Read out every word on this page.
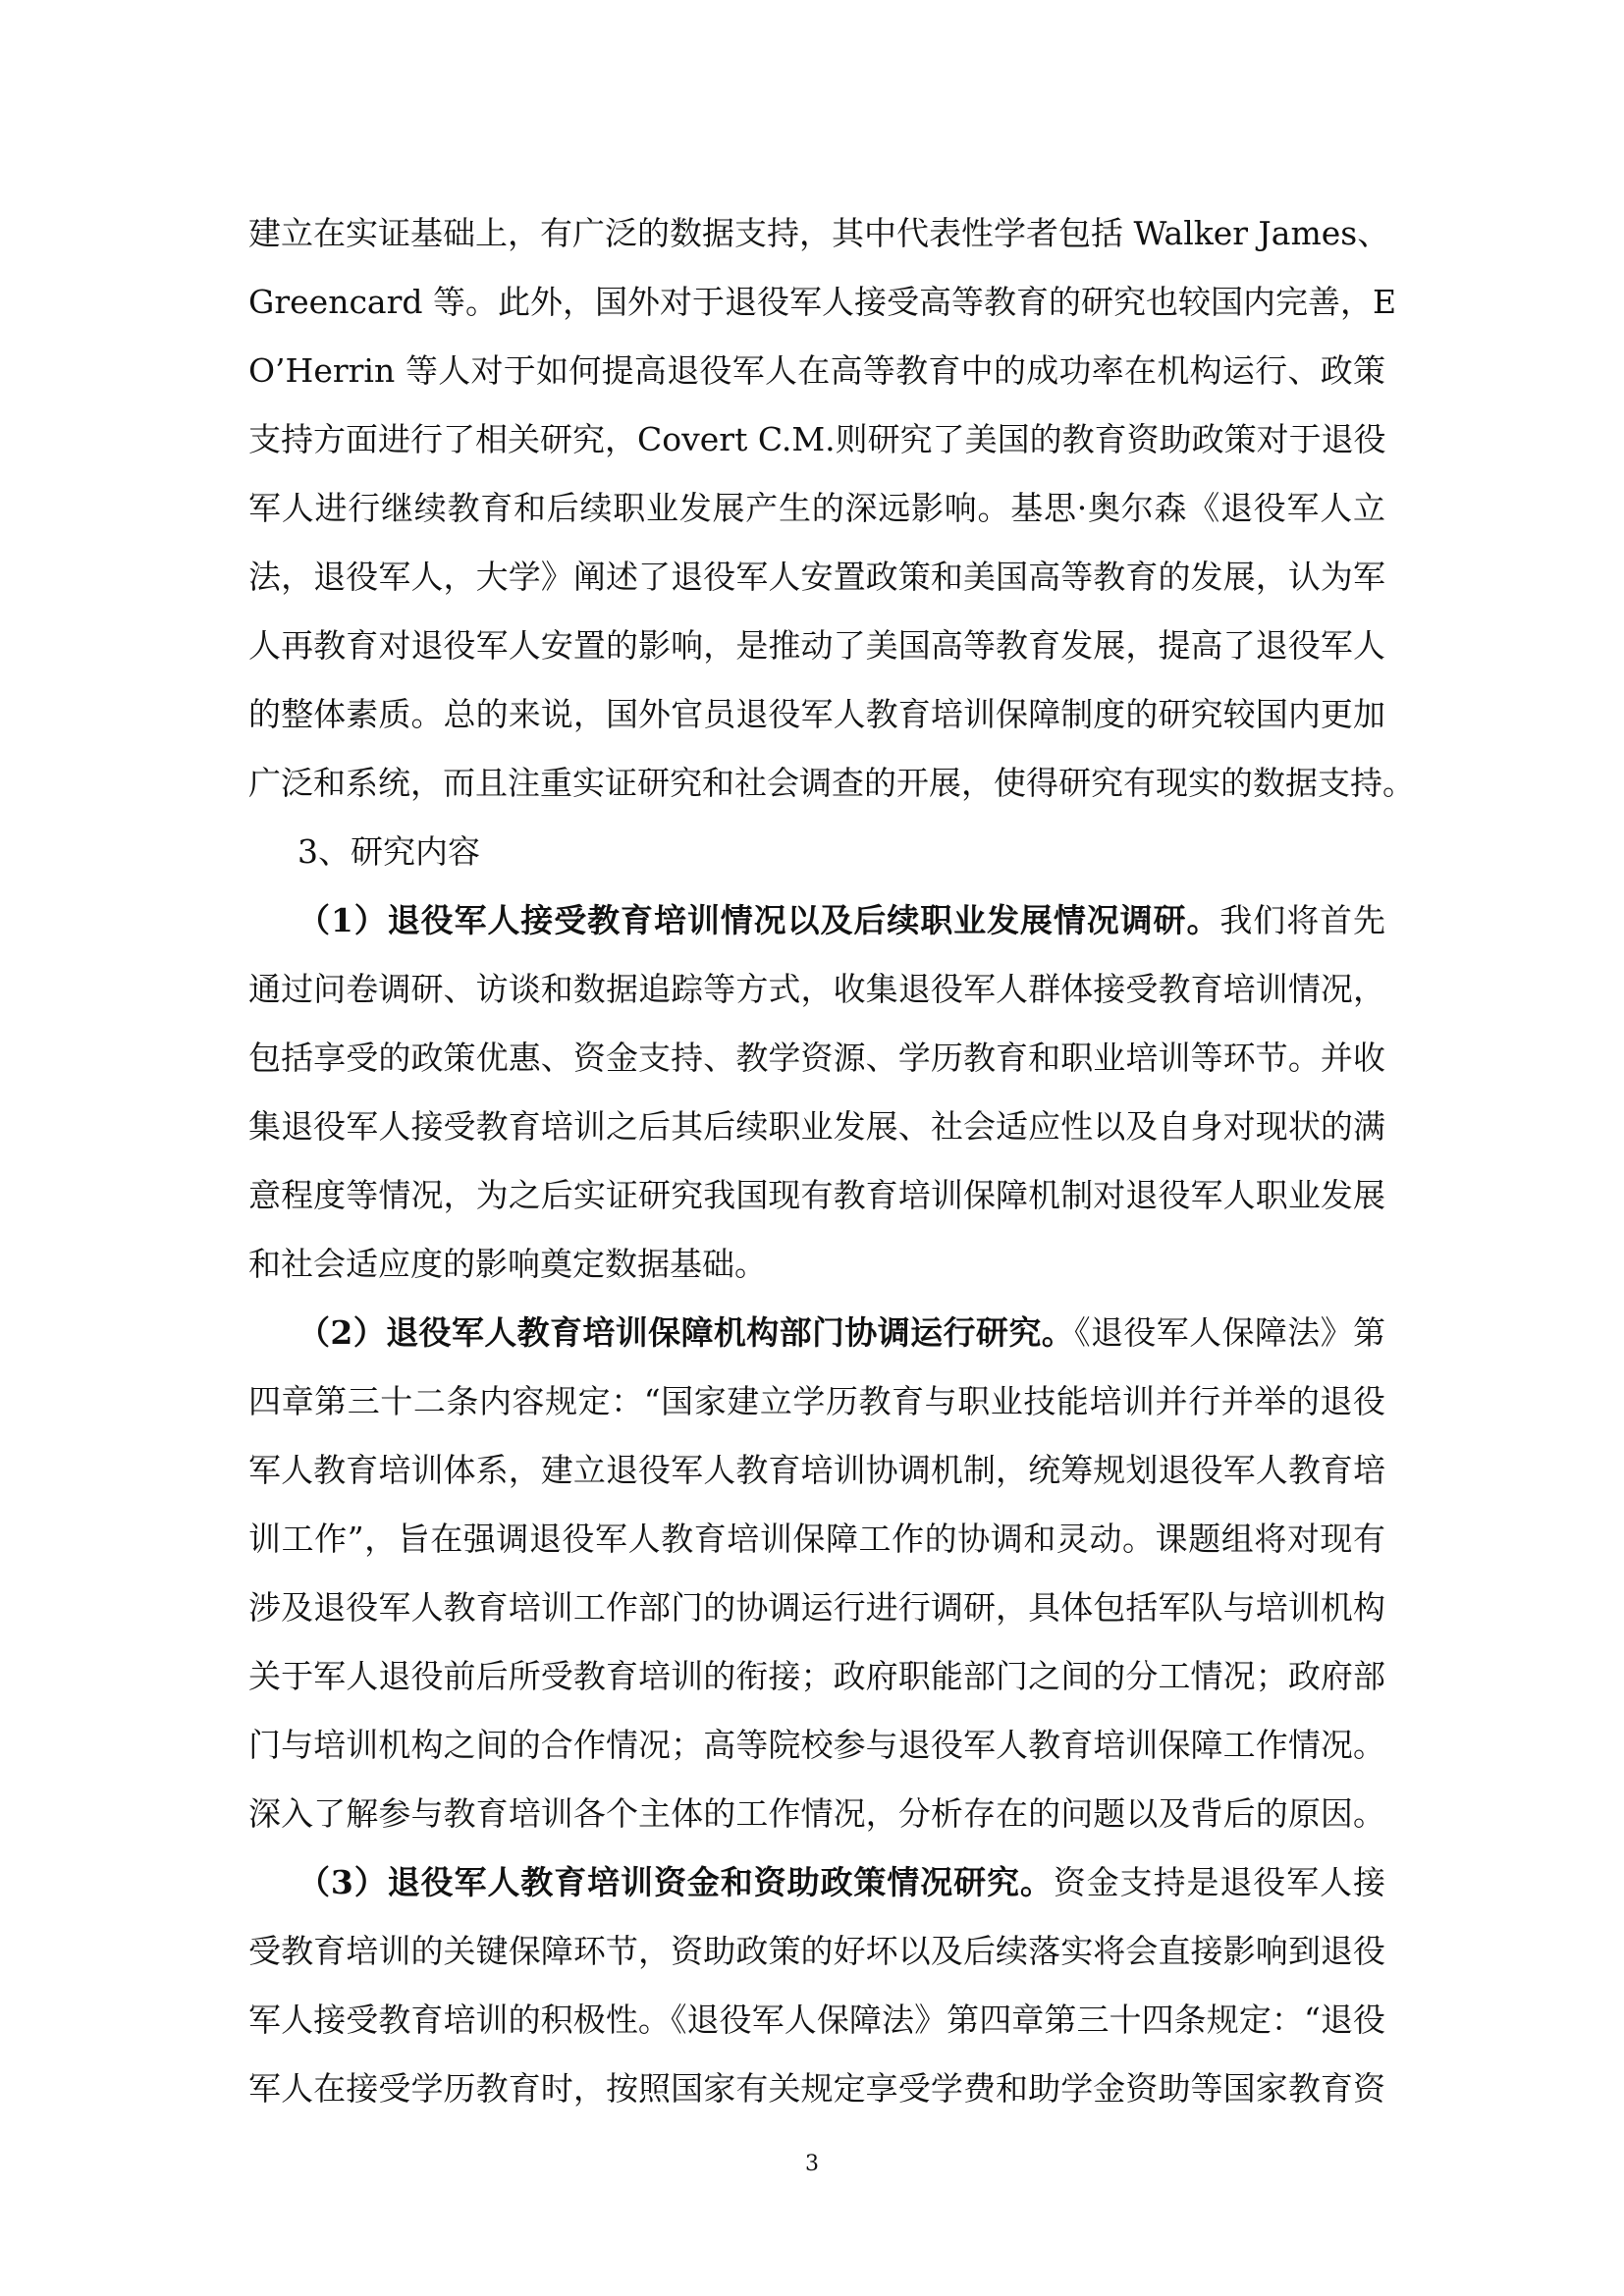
建立在实证基础上，有广泛的数据支持，其中代表性学者包括 Walker James、
Greencard 等。此外，国外对于退役军人接受高等教育的研究也较国内完善，E
O’Herrin 等人对于如何提高退役军人在高等教育中的成功率在机构运行、政策
支持方面进行了相关研究，Covert C.M.则研究了美国的教育资助政策对于退役
军人进行继续教育和后续职业发展产生的深远影响。基思·奥尔森《退役军人立
法，退役军人，大学》阐述了退役军人安置政策和美国高等教育的发展，认为军
人再教育对退役军人安置的影响，是推动了美国高等教育发展，提高了退役军人
的整体素质。总的来说，国外官员退役军人教育培训保障制度的研究较国内更加
广泛和系统，而且注重实证研究和社会调查的开展，使得研究有现实的数据支持。
3、研究内容
（1）退役军人接受教育培训情况以及后续职业发展情况调研。我们将首先
通过问卷调研、访谈和数据追踪等方式，收集退役军人群体接受教育培训情况，
包括享受的政策优惠、资金支持、教学资源、学历教育和职业培训等环节。并收
集退役军人接受教育培训之后其后续职业发展、社会适应性以及自身对现状的满
意程度等情况，为之后实证研究我国现有教育培训保障机制对退役军人职业发展
和社会适应度的影响奠定数据基础。
（2）退役军人教育培训保障机构部门协调运行研究。《退役军人保障法》第
四章第三十二条内容规定：“国家建立学历教育与职业技能培训并行并举的退役
军人教育培训体系，建立退役军人教育培训协调机制，统筹规划退役军人教育培
训工作”，旨在强调退役军人教育培训保障工作的协调和灵动。课题组将对现有
涉及退役军人教育培训工作部门的协调运行进行调研，具体包括军队与培训机构
关于军人退役前后所受教育培训的衔接；政府职能部门之间的分工情况；政府部
门与培训机构之间的合作情况；高等院校参与退役军人教育培训保障工作情况。
深入了解参与教育培训各个主体的工作情况，分析存在的问题以及背后的原因。
（3）退役军人教育培训资金和资助政策情况研究。资金支持是退役军人接
受教育培训的关键保障环节，资助政策的好坏以及后续落实将会直接影响到退役
军人接受教育培训的积极性。《退役军人保障法》第四章第三十四条规定：“退役
军人在接受学历教育时，按照国家有关规定享受学费和助学金资助等国家教育资
3
